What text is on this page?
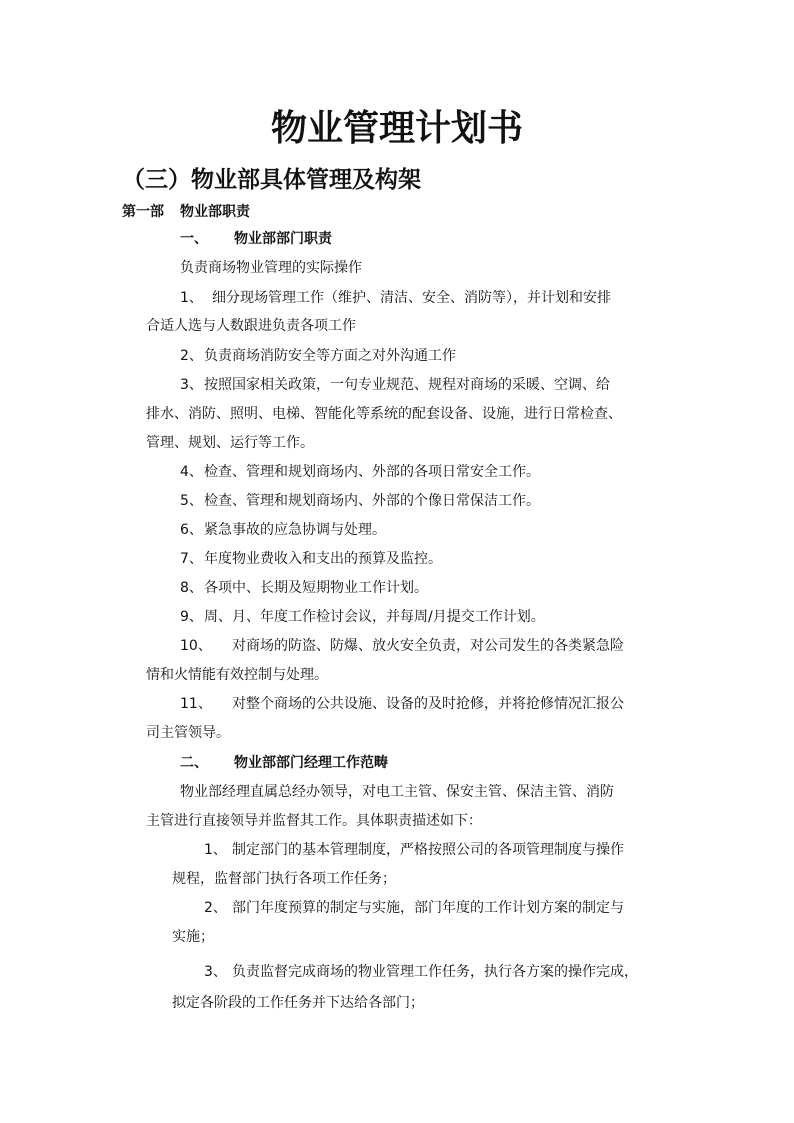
物业管理计划书
（三）物业部具体管理及构架
第一部 物业部职责
一、 物业部部门职责
负责商场物业管理的实际操作
1、 细分现场管理工作（维护、清洁、安全、消防等），并计划和安排
合适人选与人数跟进负责各项工作
2、负责商场消防安全等方面之对外沟通工作
3、按照国家相关政策，一句专业规范、规程对商场的采暖、空调、给
排水、消防、照明、电梯、智能化等系统的配套设备、设施，进行日常检查、
管理、规划、运行等工作。
4、检查、管理和规划商场内、外部的各项日常安全工作。
5、检查、管理和规划商场内、外部的个像日常保洁工作。
6、紧急事故的应急协调与处理。
7、年度物业费收入和支出的预算及监控。
8、各项中、长期及短期物业工作计划。
9、周、月、年度工作检讨会议，并每周/月提交工作计划。
10、 对商场的防盗、防爆、放火安全负责，对公司发生的各类紧急险
情和火情能有效控制与处理。
11、 对整个商场的公共设施、设备的及时抢修，并将抢修情况汇报公
司主管领导。
二、 物业部部门经理工作范畴
物业部经理直属总经办领导，对电工主管、保安主管、保洁主管、消防
主管进行直接领导并监督其工作。具体职责描述如下：
1、 制定部门的基本管理制度，严格按照公司的各项管理制度与操作
规程，监督部门执行各项工作任务；
2、 部门年度预算的制定与实施，部门年度的工作计划方案的制定与
实施；
3、 负责监督完成商场的物业管理工作任务，执行各方案的操作完成，
拟定各阶段的工作任务并下达给各部门；
